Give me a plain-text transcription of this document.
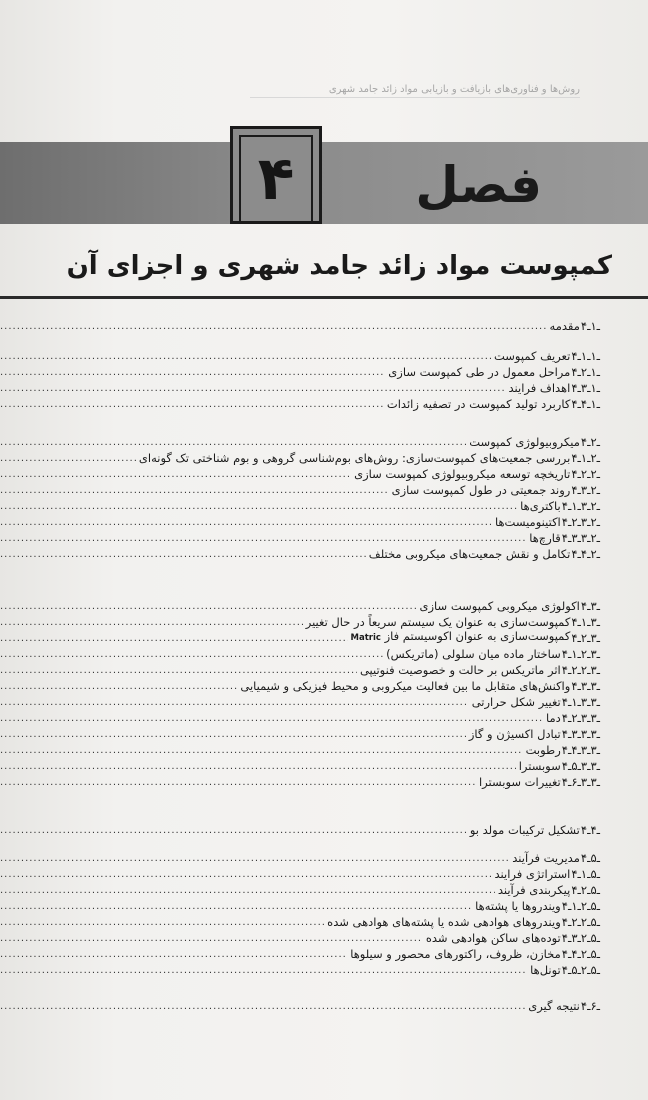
روش‌ها و فناوری‌های بازیافت و بازیابی مواد زائد جامد شهری
فصل
۴
کمپوست مواد زائد جامد شهری و اجزای آن
۴ـ۱ـ
مقدمه
.....
۴ـ۱ـ۱ـ
تعریف کمپوست
.....
۴ـ۱ـ۲ـ
مراحل معمول در طی کمپوست سازی
.....
۴ـ۱ـ۳ـ
اهداف فرایند
.....
۴ـ۱ـ۴ـ
کاربرد تولید کمپوست در تصفیه زائدات
.....
۴ـ۲ـ
میکروبیولوژی کمپوست
.....
۴ـ۲ـ۱ـ
بررسی جمعیت‌های کمپوست‌سازی: روش‌های بوم‌شناسی گروهی و بوم شناختی تک گونه‌ای
.....
۴ـ۲ـ۲ـ
تاریخچه توسعه میکروبیولوژی کمپوست سازی
.....
۴ـ۲ـ۳ـ
روند جمعیتی در طول کمپوست سازی
.....
۴ـ۲ـ۳ـ۱ـ
باکتری‌ها
.....
۴ـ۲ـ۳ـ۲ـ
اکتینومیست‌ها
.....
۴ـ۲ـ۳ـ۳ـ
قارچ‌ها
.....
۴ـ۲ـ۴ـ
تکامل و نقش جمعیت‌های میکروبی مختلف
.....
۴ـ۳ـ
اکولوژی میکروبی کمپوست سازی
.....
۴ـ۳ـ۱ـ
کمپوست‌سازی به عنوان یک سیستم سریعاً در حال تغییر
.....
۴ـ۳ـ۲ـ
کمپوست‌سازی به عنوان اکوسیستم فاز Matric
.....
۴ـ۳ـ۲ـ۱ـ
ساختار ماده میان سلولی (ماتریکس)
.....
۴ـ۳ـ۲ـ۲ـ
اثر ماتریکس بر حالت و خصوصیت فنوتیپی
.....
۴ـ۳ـ۳ـ
واکنش‌های متقابل ما بین فعالیت میکروبی و محیط فیزیکی و شیمیایی
.....
۴ـ۳ـ۳ـ۱ـ
تغییر شکل حرارتی
.....
۴ـ۳ـ۳ـ۲ـ
دما
.....
۴ـ۳ـ۳ـ۳ـ
تبادل اکسیژن و گاز
.....
۴ـ۳ـ۳ـ۴ـ
رطوبت
.....
۴ـ۳ـ۳ـ۵ـ
سوبسترا
.....
۴ـ۳ـ۳ـ۶ـ
تغییرات سوبسترا
.....
۴ـ۴ـ
تشکیل ترکیبات مولد بو
.....
۴ـ۵ـ
مدیریت فرآیند
.....
۴ـ۵ـ۱ـ
استراتژی فرایند
.....
۴ـ۵ـ۲ـ
پیکربندی فرآیند
.....
۴ـ۵ـ۲ـ۱ـ
ویندروها یا پشته‌ها
.....
۴ـ۵ـ۲ـ۲ـ
ویندروهای هوادهی شده یا پشته‌های هوادهی شده
.....
۴ـ۵ـ۲ـ۳ـ
توده‌های ساکن هوادهی شده
.....
۴ـ۵ـ۲ـ۴ـ
مخازن، ظروف، راکتورهای محصور و سیلوها
.....
۴ـ۵ـ۲ـ۵ـ
تونل‌ها
.....
۴ـ۶ـ
نتیجه گیری
.....
